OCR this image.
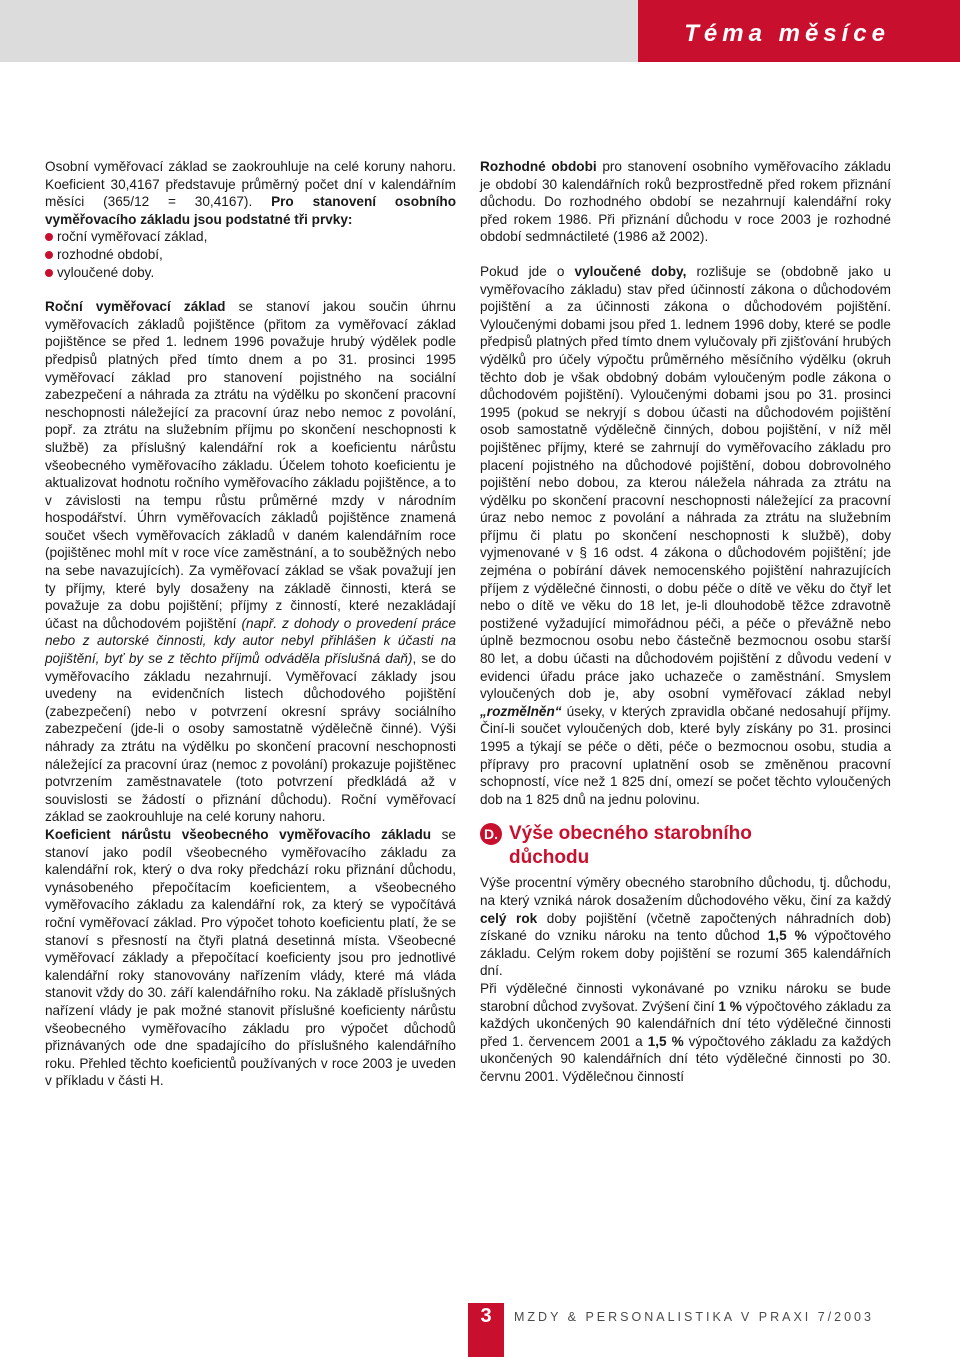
Téma měsíce

Osobní vyměřovací základ se zaokrouhluje na celé koruny nahoru. Koeficient 30,4167 představuje průměrný počet dní v kalendářním měsíci (365/12 = 30,4167). Pro stanovení osobního vyměřovacího základu jsou podstatné tři prvky:

roční vyměřovací základ,
rozhodné období,
vyloučené doby.

Roční vyměřovací základ se stanoví jakou součin úhrnu vyměřovacích základů pojištěnce (přitom za vyměřovací základ pojištěnce se před 1. lednem 1996 považuje hrubý výdělek podle předpisů platných před tímto dnem a po 31. prosinci 1995 vyměřovací základ pro stanovení pojistného na sociální zabezpečení a náhrada za ztrátu na výdělku po skončení pracovní neschopnosti náležející za pracovní úraz nebo nemoc z povolání, popř. za ztrátu na služebním příjmu po skončení neschopnosti k službě) za příslušný kalendářní rok a koeficientu nárůstu všeobecného vyměřovacího základu. Účelem tohoto koeficientu je aktualizovat hodnotu ročního vyměřovacího základu pojištěnce, a to v závislosti na tempu růstu průměrné mzdy v národním hospodářství. Úhrn vyměřovacích základů pojištěnce znamená součet všech vyměřovacích základů v daném kalendářním roce (pojištěnec mohl mít v roce více zaměstnání, a to souběžných nebo na sebe navazujících). Za vyměřovací základ se však považují jen ty příjmy, které byly dosaženy na základě činnosti, která se považuje za dobu pojištění; příjmy z činností, které nezakládají účast na důchodovém pojištění (např. z dohody o provedení práce nebo z autorské činnosti, kdy autor nebyl přihlášen k účasti na pojištění, byť by se z těchto příjmů odváděla příslušná daň), se do vyměřovacího základu nezahrnují. Vyměřovací základy jsou uvedeny na evidenčních listech důchodového pojištění (zabezpečení) nebo v potvrzení okresní správy sociálního zabezpečení (jde-li o osoby samostatně výdělečně činné). Výši náhrady za ztrátu na výdělku po skončení pracovní neschopnosti náležející za pracovní úraz (nemoc z povolání) prokazuje pojištěnec potvrzením zaměstnavatele (toto potvrzení předkládá až v souvislosti se žádostí o přiznání důchodu). Roční vyměřovací základ se zaokrouhluje na celé koruny nahoru.

Koeficient nárůstu všeobecného vyměřovacího základu se stanoví jako podíl všeobecného vyměřovacího základu za kalendářní rok, který o dva roky předchází roku přiznání důchodu, vynásobeného přepočítacím koeficientem, a všeobecného vyměřovacího základu za kalendářní rok, za který se vypočítává roční vyměřovací základ. Pro výpočet tohoto koeficientu platí, že se stanoví s přesností na čtyři platná desetinná místa. Všeobecné vyměřovací základy a přepočítací koeficienty jsou pro jednotlivé kalendářní roky stanovovány nařízením vlády, které má vláda stanovit vždy do 30. září kalendářního roku. Na základě příslušných nařízení vlády je pak možné stanovit příslušné koeficienty nárůstu všeobecného vyměřovacího základu pro výpočet důchodů přiznávaných ode dne spadajícího do příslušného kalendářního roku. Přehled těchto koeficientů používaných v roce 2003 je uveden v příkladu v části H.

Rozhodné obdobi pro stanovení osobního vyměřovacího základu je období 30 kalendářních roků bezprostředně před rokem přiznání důchodu. Do rozhodného období se nezahrnují kalendářní roky před rokem 1986. Při přiznání důchodu v roce 2003 je rozhodné období sedmnáctileté (1986 až 2002).

Pokud jde o vyloučené doby, rozlišuje se (obdobně jako u vyměřovacího základu) stav před účinností zákona o důchodovém pojištění a za účinnosti zákona o důchodovém pojištění. Vyloučenými dobami jsou před 1. lednem 1996 doby, které se podle předpisů platných před tímto dnem vylučovaly při zjišťování hrubých výdělků pro účely výpočtu průměrného měsíčního výdělku (okruh těchto dob je však obdobný dobám vyloučeným podle zákona o důchodovém pojištění). Vyloučenými dobami jsou po 31. prosinci 1995 (pokud se nekryjí s dobou účasti na důchodovém pojištění osob samostatně výdělečně činných, dobou pojištění, v níž měl pojištěnec příjmy, které se zahrnují do vyměřovacího základu pro placení pojistného na důchodové pojištění, dobou dobrovolného pojištění nebo dobou, za kterou náležela náhrada za ztrátu na výdělku po skončení pracovní neschopnosti náležející za pracovní úraz nebo nemoc z povolání a náhrada za ztrátu na služebním příjmu či platu po skončení neschopnosti k službě), doby vyjmenované v § 16 odst. 4 zákona o důchodovém pojištění; jde zejména o pobírání dávek nemocenského pojištění nahrazujících příjem z výdělečné činnosti, o dobu péče o dítě ve věku do čtyř let nebo o dítě ve věku do 18 let, je-li dlouhodobě těžce zdravotně postižené vyžadující mimořádnou péči, a péče o převážně nebo úplně bezmocnou osobu nebo částečně bezmocnou osobu starší 80 let, a dobu účasti na důchodovém pojištění z důvodu vedení v evidenci úřadu práce jako uchazeče o zaměstnání. Smyslem vyloučených dob je, aby osobní vyměřovací základ nebyl „rozmělněn“ úseky, v kterých zpravidla občané nedosahují příjmy. Činí-li součet vyloučených dob, které byly získány po 31. prosinci 1995 a týkají se péče o děti, péče o bezmocnou osobu, studia a přípravy pro pracovní uplatnění osob se změněnou pracovní schopností, více než 1 825 dní, omezí se počet těchto vyloučených dob na 1 825 dnů na jednu polovinu.

D. Výše obecného starobního důchodu

Výše procentní výměry obecného starobního důchodu, tj. důchodu, na který vzniká nárok dosažením důchodového věku, činí za každý celý rok doby pojištění (včetně započtených náhradních dob) získané do vzniku nároku na tento důchod 1,5 % výpočtového základu. Celým rokem doby pojištění se rozumí 365 kalendářních dní.

Při výdělečné činnosti vykonávané po vzniku nároku se bude starobní důchod zvyšovat. Zvýšení činí 1 % výpočtového základu za každých ukončených 90 kalendářních dní této výdělečné činnosti před 1. červencem 2001 a 1,5 % výpočtového základu za každých ukončených 90 kalendářních dní této výdělečné činnosti po 30. červnu 2001. Výdělečnou činností

3	MZDY & PERSONALISTIKA V PRAXI 7/2003
